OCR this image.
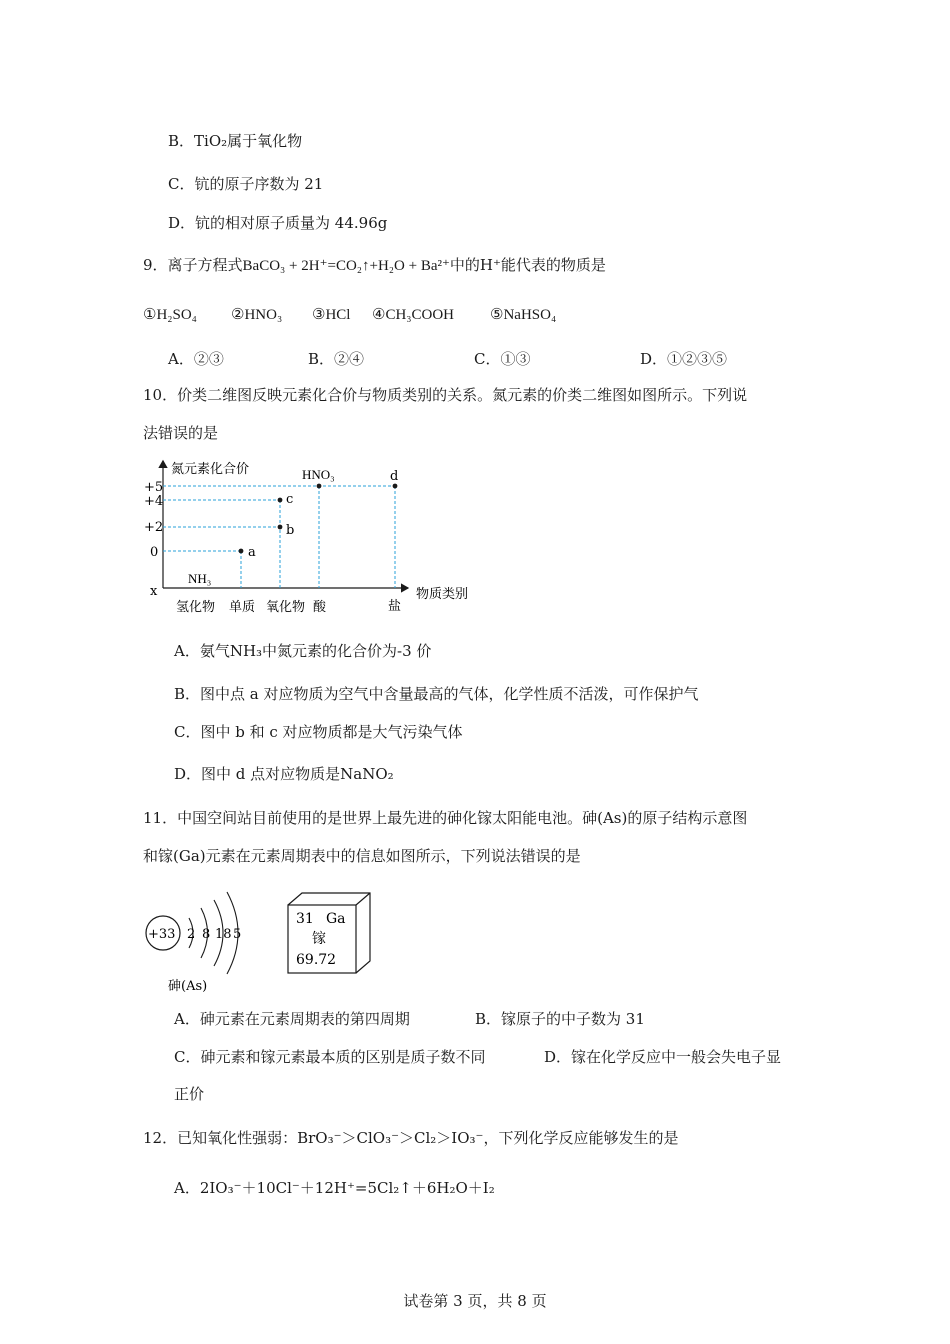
B．TiO₂属于氧化物
C．钪的原子序数为 21
D．钪的相对原子质量为 44.96g
9．离子方程式BaCO₃ + 2H⁺=CO₂↑+H₂O + Ba²⁺中的H⁺能代表的物质是
①H₂SO₄ ②HNO₃ ③HCl ④CH₃COOH ⑤NaHSO₄
A．②③	B．②④	C．①③	D．①②③⑤
10．价类二维图反映元素化合价与物质类别的关系。氮元素的价类二维图如图所示。下列说
法错误的是
氮元素化合价
物质类别
+5
+4
+2
0
x
氢化物 单质 氧化物 酸	盐
a
b
c
HNO₃	d
NH₃
A．氨气NH₃中氮元素的化合价为-3 价
B．图中点 a 对应物质为空气中含量最高的气体，化学性质不活泼，可作保护气
C．图中 b 和 c 对应物质都是大气污染气体
D．图中 d 点对应物质是NaNO₂
11．中国空间站目前使用的是世界上最先进的砷化镓太阳能电池。砷(As)的原子结构示意图
和镓(Ga)元素在元素周期表中的信息如图所示，下列说法错误的是
+33 2 8 18 5
砷(As)
31 Ga
镓
69.72
A．砷元素在元素周期表的第四周期	B．镓原子的中子数为 31
C．砷元素和镓元素最本质的区别是质子数不同	D．镓在化学反应中一般会失电子显
正价
12．已知氧化性强弱：BrO₃⁻＞ClO₃⁻＞Cl₂＞IO₃⁻，下列化学反应能够发生的是
A．2IO₃⁻＋10Cl⁻＋12H⁺=5Cl₂↑＋6H₂O＋I₂
试卷第 3 页，共 8 页
